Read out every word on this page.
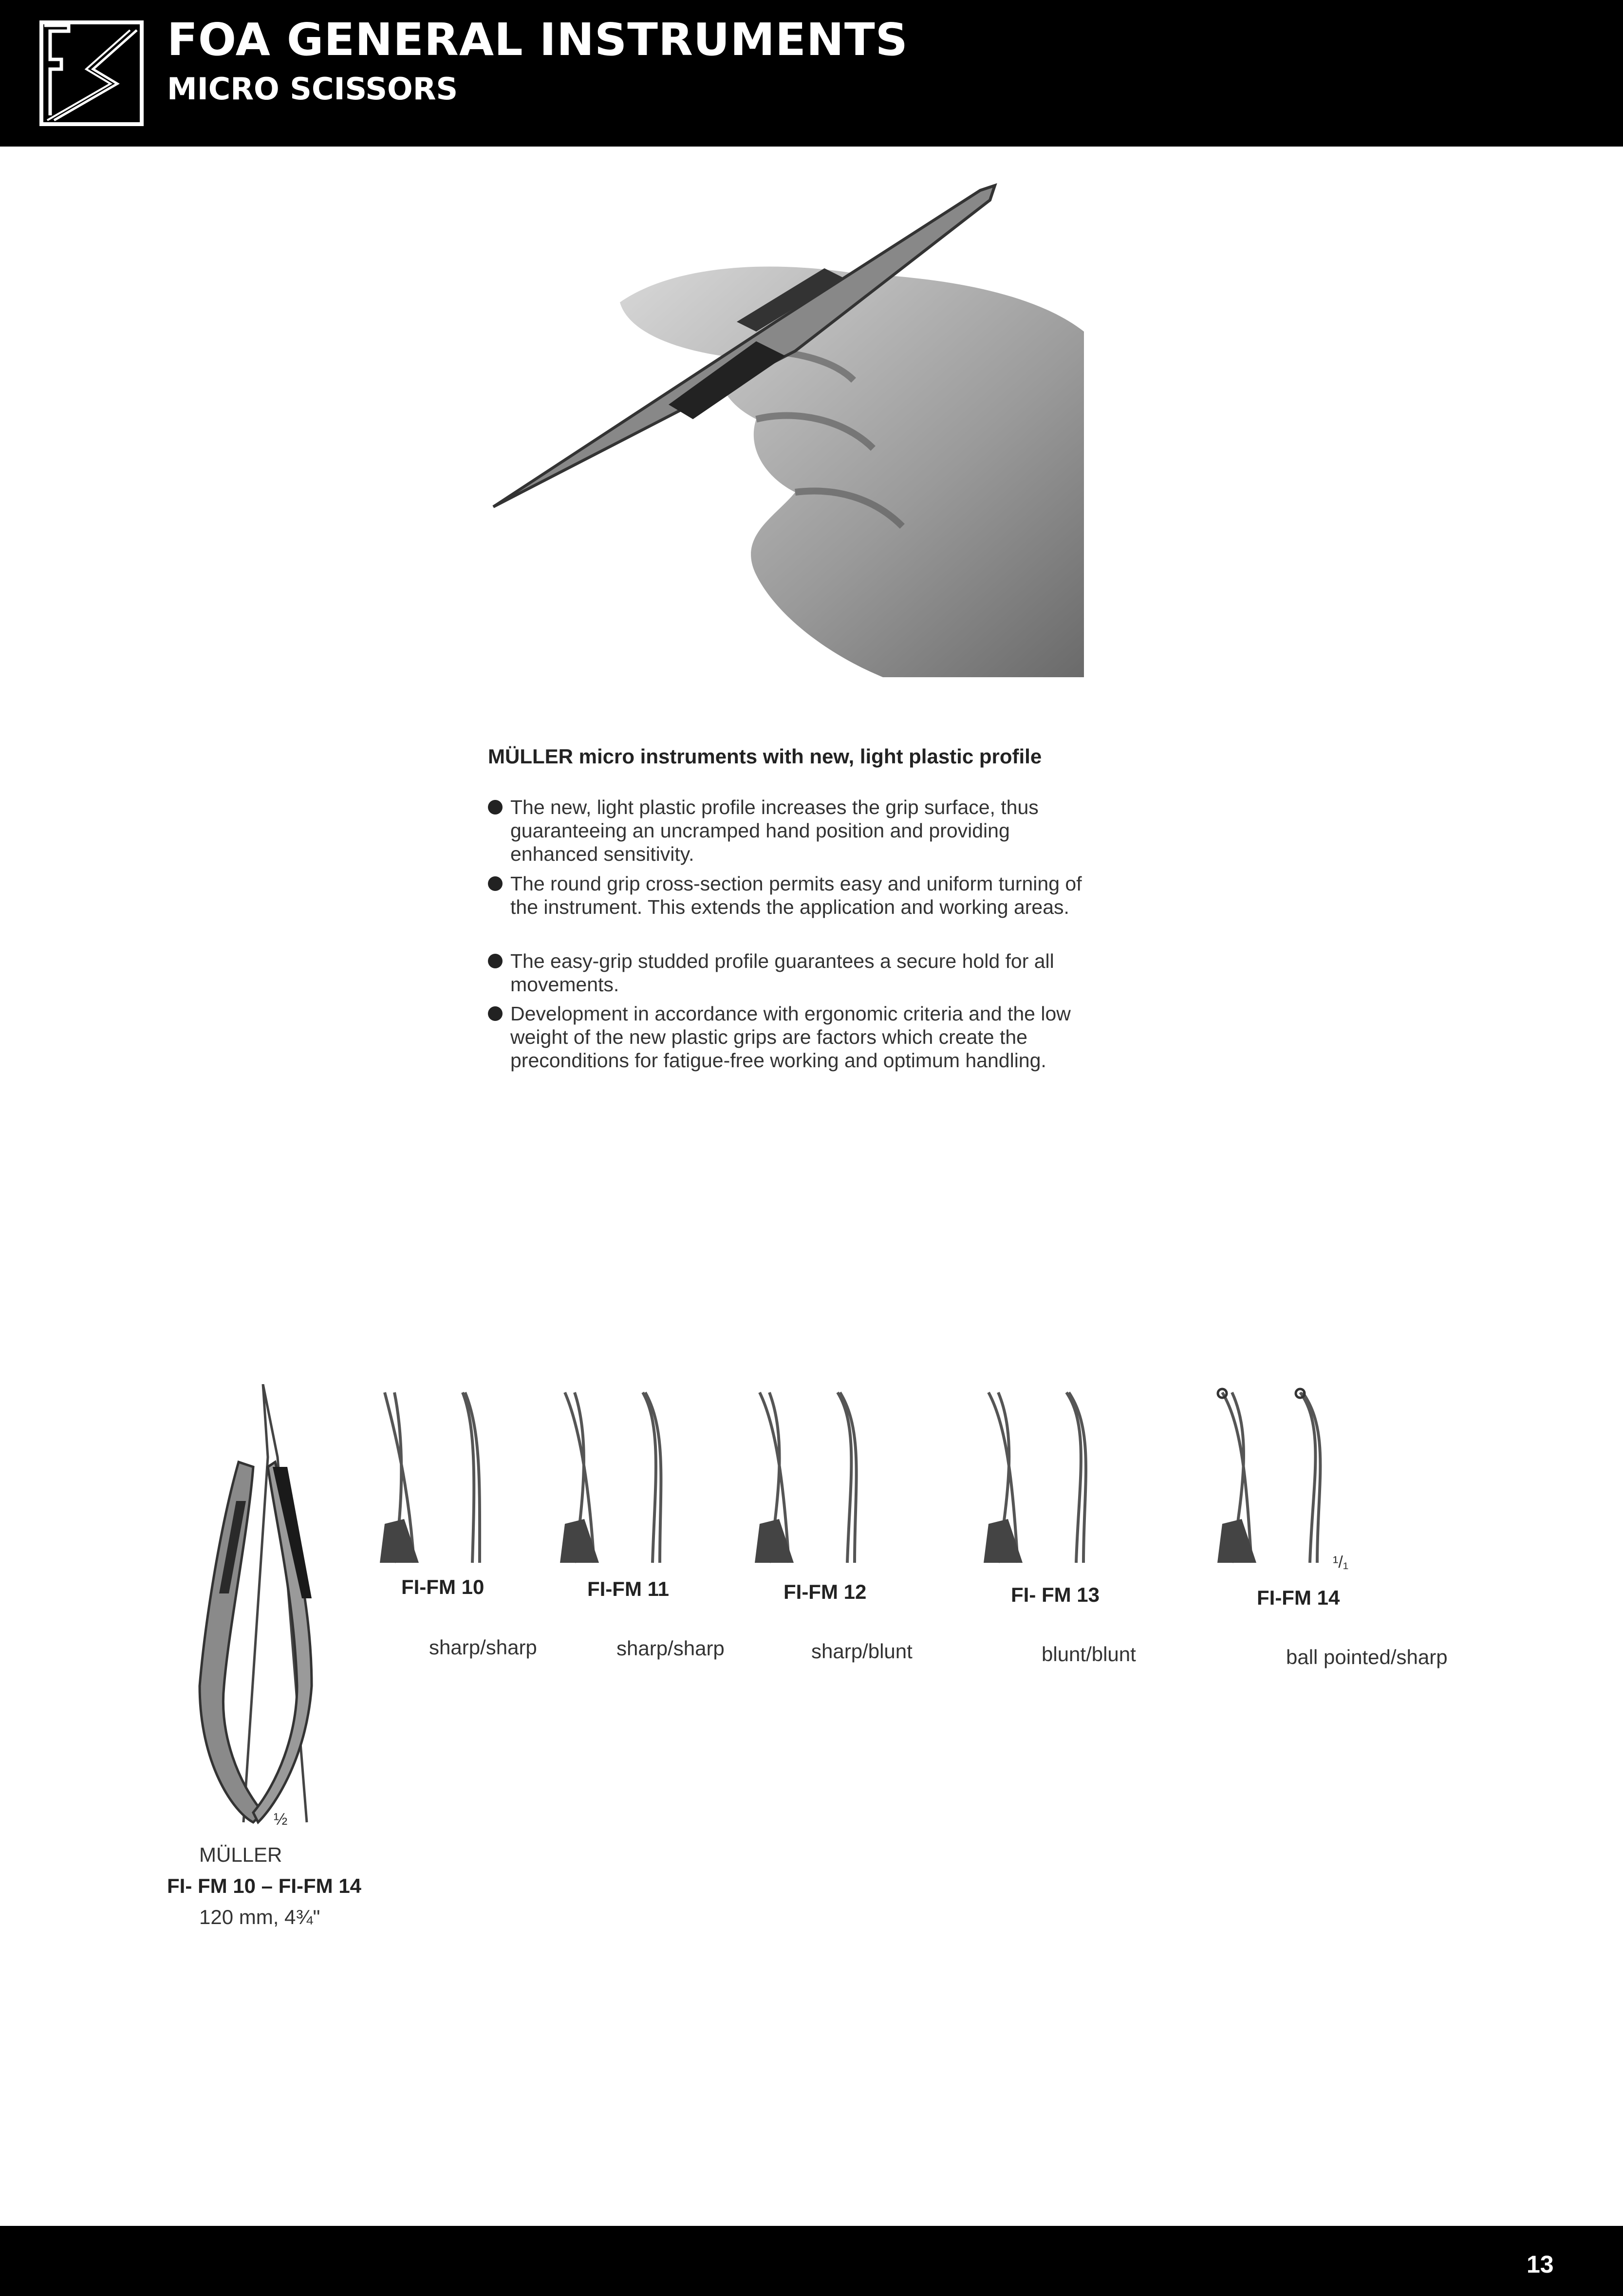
FOA GENERAL INSTRUMENTS
MICRO SCISSORS
MÜLLER micro instruments with new, light plastic profile
The new, light plastic profile increases the grip surface, thus guaranteeing an uncramped hand position and providing enhanced sensitivity.
The round grip cross-section permits easy and uniform turning of the instrument. This extends the application and working areas.
The easy-grip studded profile guarantees a secure hold for all movements.
Development in accordance with ergonomic criteria and the low weight of the new plastic grips are factors which create the preconditions for fatigue-free working and optimum handling.
½
MÜLLER
FI- FM 10 – FI-FM 14
120 mm, 4¾"
FI-FM 10
sharp/sharp
FI-FM 11
sharp/sharp
FI-FM 12
sharp/blunt
FI- FM 13
blunt/blunt
FI-FM 14
ball pointed/sharp
¹/₁
13
